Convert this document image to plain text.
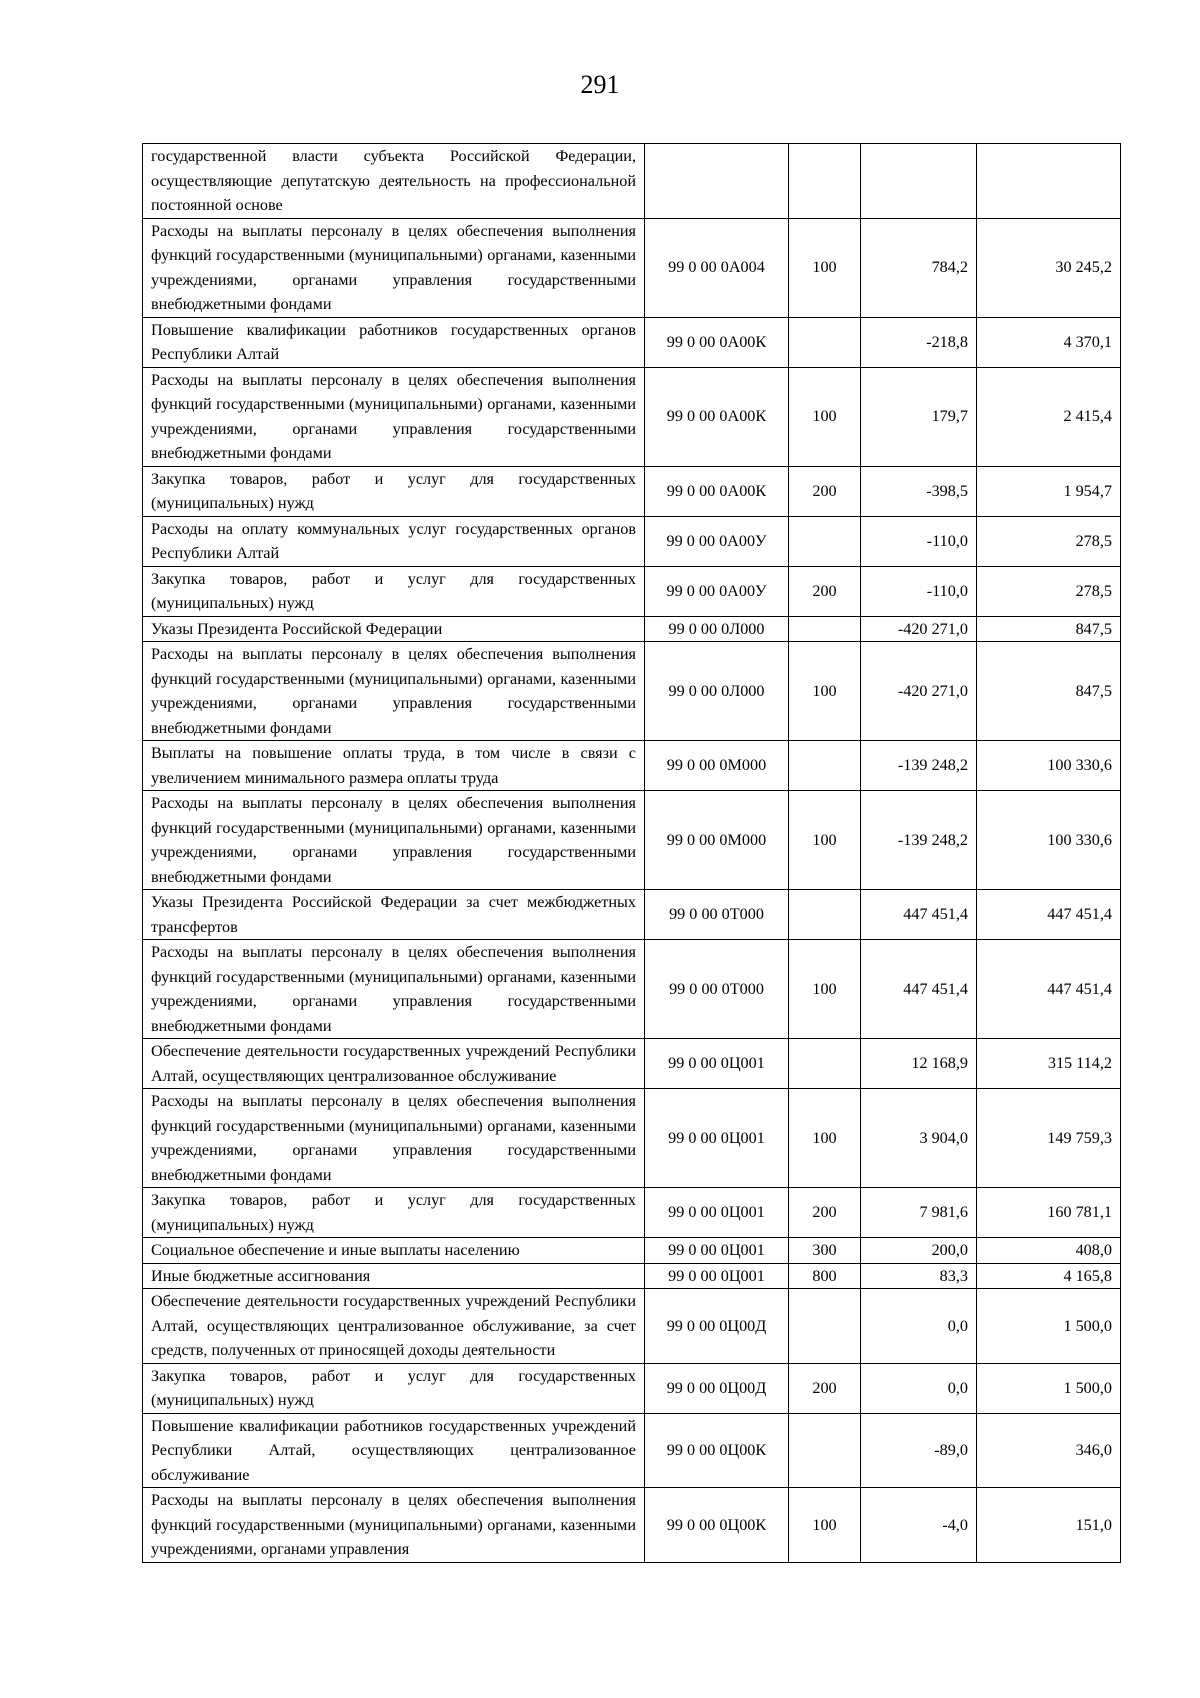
291
государственной власти субъекта Российской Федерации, осуществляющие депутатскую деятельность на профессиональной постоянной основе				
Расходы на выплаты персоналу в целях обеспечения выполнения функций государственными (муниципальными) органами, казенными учреждениями, органами управления государственными внебюджетными фондами	99 0 00 0А004	100	784,2	30 245,2
Повышение квалификации работников государственных органов Республики Алтай	99 0 00 0А00К		-218,8	4 370,1
Расходы на выплаты персоналу в целях обеспечения выполнения функций государственными (муниципальными) органами, казенными учреждениями, органами управления государственными внебюджетными фондами	99 0 00 0А00К	100	179,7	2 415,4
Закупка товаров, работ и услуг для государственных (муниципальных) нужд	99 0 00 0А00К	200	-398,5	1 954,7
Расходы на оплату коммунальных услуг государственных органов Республики Алтай	99 0 00 0А00У		-110,0	278,5
Закупка товаров, работ и услуг для государственных (муниципальных) нужд	99 0 00 0А00У	200	-110,0	278,5
Указы Президента Российской Федерации	99 0 00 0Л000		-420 271,0	847,5
Расходы на выплаты персоналу в целях обеспечения выполнения функций государственными (муниципальными) органами, казенными учреждениями, органами управления государственными внебюджетными фондами	99 0 00 0Л000	100	-420 271,0	847,5
Выплаты на повышение оплаты труда, в том числе в связи с увеличением минимального размера оплаты труда	99 0 00 0М000		-139 248,2	100 330,6
Расходы на выплаты персоналу в целях обеспечения выполнения функций государственными (муниципальными) органами, казенными учреждениями, органами управления государственными внебюджетными фондами	99 0 00 0М000	100	-139 248,2	100 330,6
Указы Президента Российской Федерации за счет межбюджетных трансфертов	99 0 00 0Т000		447 451,4	447 451,4
Расходы на выплаты персоналу в целях обеспечения выполнения функций государственными (муниципальными) органами, казенными учреждениями, органами управления государственными внебюджетными фондами	99 0 00 0Т000	100	447 451,4	447 451,4
Обеспечение деятельности государственных учреждений Республики Алтай, осуществляющих централизованное обслуживание	99 0 00 0Ц001		12 168,9	315 114,2
Расходы на выплаты персоналу в целях обеспечения выполнения функций государственными (муниципальными) органами, казенными учреждениями, органами управления государственными внебюджетными фондами	99 0 00 0Ц001	100	3 904,0	149 759,3
Закупка товаров, работ и услуг для государственных (муниципальных) нужд	99 0 00 0Ц001	200	7 981,6	160 781,1
Социальное обеспечение и иные выплаты населению	99 0 00 0Ц001	300	200,0	408,0
Иные бюджетные ассигнования	99 0 00 0Ц001	800	83,3	4 165,8
Обеспечение деятельности государственных учреждений Республики Алтай, осуществляющих централизованное обслуживание, за счет средств, полученных от приносящей доходы деятельности	99 0 00 0Ц00Д		0,0	1 500,0
Закупка товаров, работ и услуг для государственных (муниципальных) нужд	99 0 00 0Ц00Д	200	0,0	1 500,0
Повышение квалификации работников государственных учреждений Республики Алтай, осуществляющих централизованное обслуживание	99 0 00 0Ц00К		-89,0	346,0
Расходы на выплаты персоналу в целях обеспечения выполнения функций государственными (муниципальными) органами, казенными учреждениями, органами управления	99 0 00 0Ц00К	100	-4,0	151,0
